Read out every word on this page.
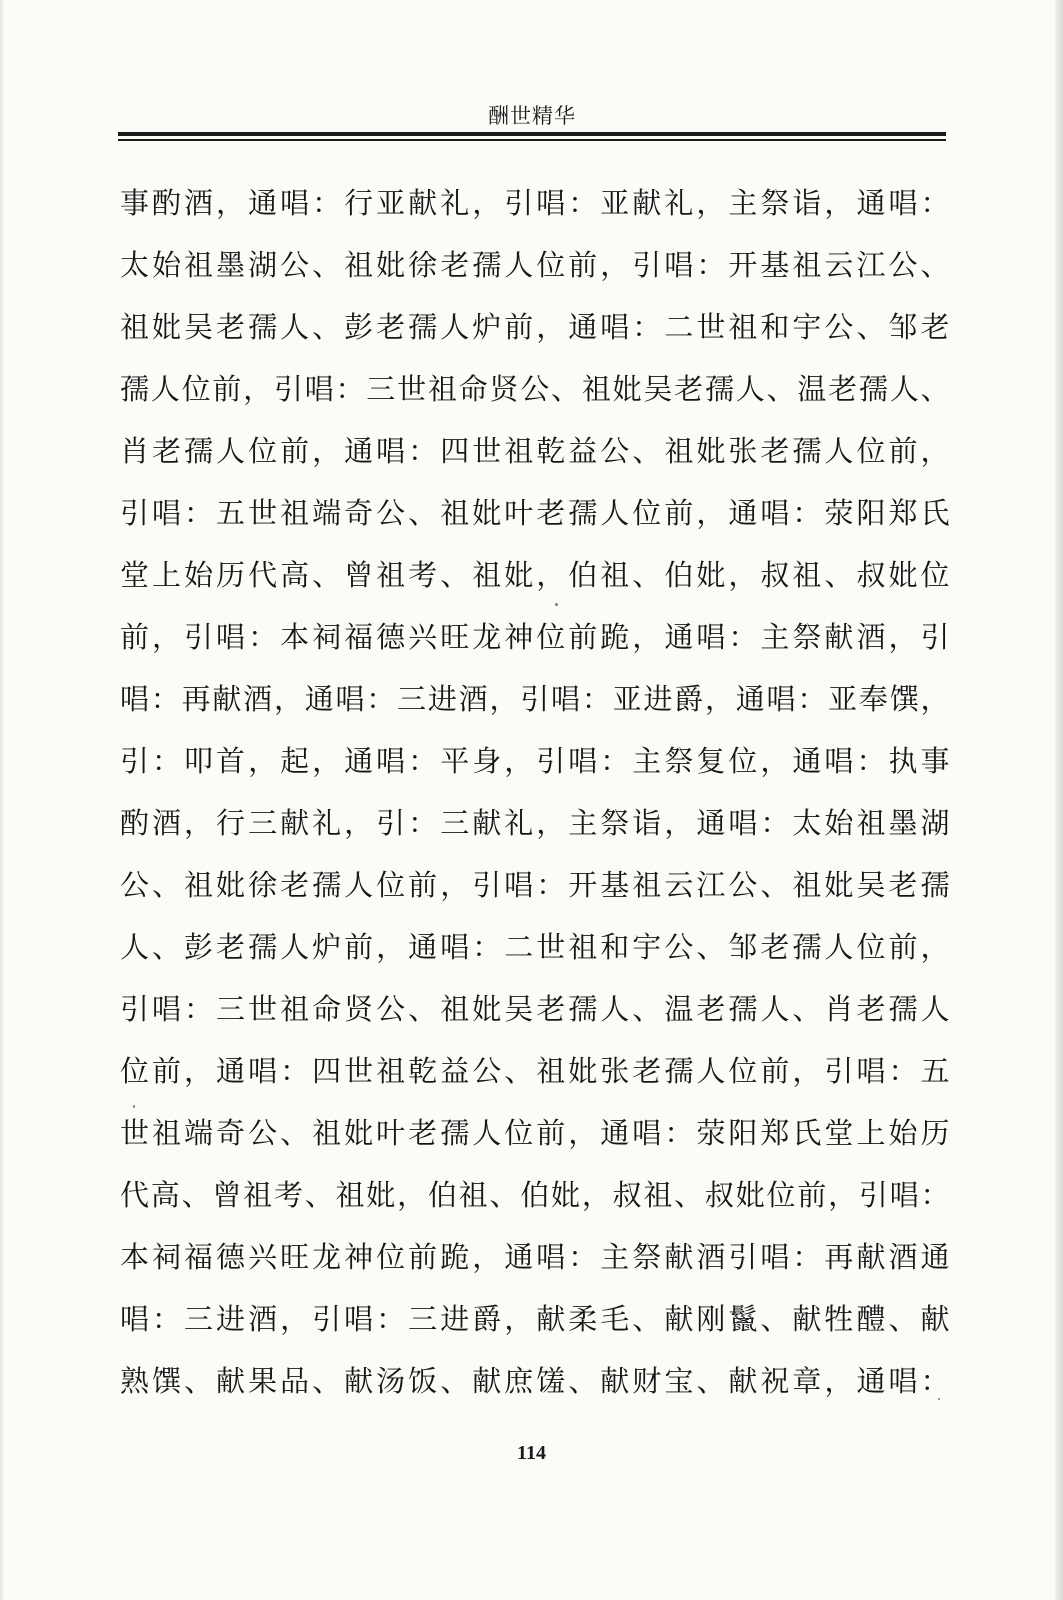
酬世精华
事酌酒，通唱：行亚献礼，引唱：亚献礼，主祭诣，通唱：
太始祖墨湖公、祖妣徐老孺人位前，引唱：开基祖云江公、
祖妣吴老孺人、彭老孺人炉前，通唱：二世祖和宇公、邹老
孺人位前，引唱：三世祖命贤公、祖妣吴老孺人、温老孺人、
肖老孺人位前，通唱：四世祖乾益公、祖妣张老孺人位前，
引唱：五世祖端奇公、祖妣叶老孺人位前，通唱：荥阳郑氏
堂上始历代高、曾祖考、祖妣，伯祖、伯妣，叔祖、叔妣位
前，引唱：本祠福德兴旺龙神位前跪，通唱：主祭献酒，引
唱：再献酒，通唱：三进酒，引唱：亚进爵，通唱：亚奉馔，
引：叩首，起，通唱：平身，引唱：主祭复位，通唱：执事
酌酒，行三献礼，引：三献礼，主祭诣，通唱：太始祖墨湖
公、祖妣徐老孺人位前，引唱：开基祖云江公、祖妣吴老孺
人、彭老孺人炉前，通唱：二世祖和宇公、邹老孺人位前，
引唱：三世祖命贤公、祖妣吴老孺人、温老孺人、肖老孺人
位前，通唱：四世祖乾益公、祖妣张老孺人位前，引唱：五
世祖端奇公、祖妣叶老孺人位前，通唱：荥阳郑氏堂上始历
代高、曾祖考、祖妣，伯祖、伯妣，叔祖、叔妣位前，引唱：
本祠福德兴旺龙神位前跪，通唱：主祭献酒引唱：再献酒通
唱：三进酒，引唱：三进爵，献柔毛、献刚鬣、献牲醴、献
熟馔、献果品、献汤饭、献庶馐、献财宝、献祝章，通唱：
114
